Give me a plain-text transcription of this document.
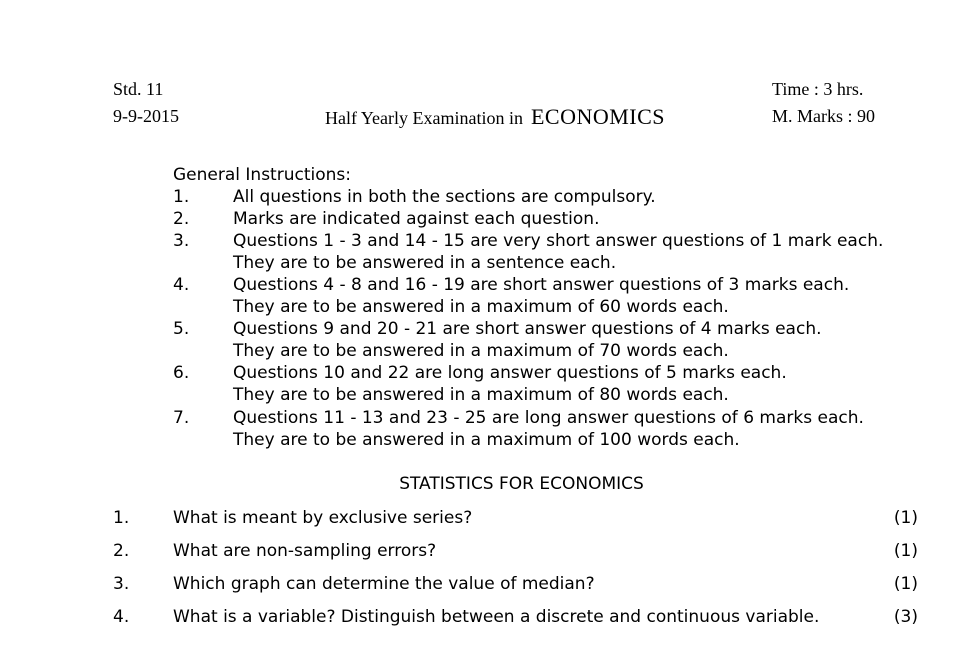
Std. 11
9-9-2015	Half Yearly Examination in ECONOMICS
Time : 3 hrs.
M. Marks : 90
General Instructions:
1.	All questions in both the sections are compulsory.
2.	Marks are indicated against each question.
3.	Questions 1 - 3 and 14 - 15 are very short answer questions of 1 mark each.
They are to be answered in a sentence each.
4.	Questions 4 - 8 and 16 - 19 are short answer questions of 3 marks each.
They are to be answered in a maximum of 60 words each.
5.	Questions 9 and 20 - 21 are short answer questions of 4 marks each.
They are to be answered in a maximum of 70 words each.
6.	Questions 10 and 22 are long answer questions of 5 marks each.
They are to be answered in a maximum of 80 words each.
7.	Questions 11 - 13 and 23 - 25 are long answer questions of 6 marks each.
They are to be answered in a maximum of 100 words each.
STATISTICS FOR ECONOMICS
1.	What is meant by exclusive series?	(1)
2.	What are non-sampling errors?	(1)
3.	Which graph can determine the value of median?	(1)
4.	What is a variable? Distinguish between a discrete and continuous variable.	(3)
